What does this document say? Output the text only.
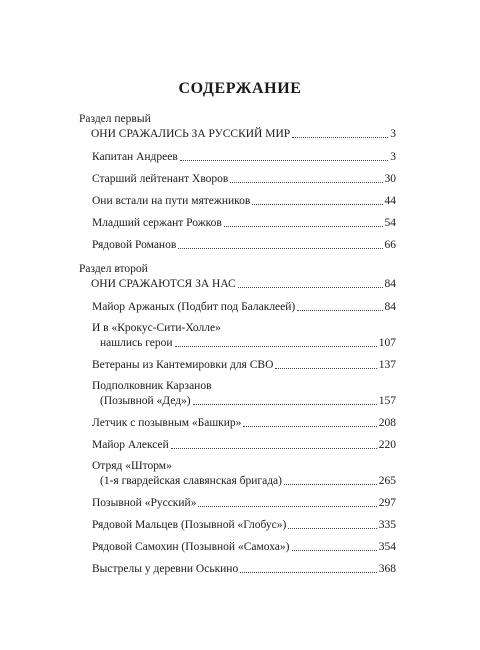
СОДЕРЖАНИЕ
Раздел первый
ОНИ СРАЖАЛИСЬ ЗА РУССКИЙ МИР	3
Капитан Андреев	3
Старший лейтенант Хворов	30
Они встали на пути мятежников	44
Младший сержант Рожков	54
Рядовой Романов	66
Раздел второй
ОНИ СРАЖАЮТСЯ ЗА НАС	84
Майор Аржаных (Подбит под Балаклеей)	84
И в «Крокус-Сити-Холле»
нашлись герои	107
Ветераны из Кантемировки для СВО	137
Подполковник Карзанов
(Позывной «Дед»)	157
Летчик с позывным «Башкир»	208
Майор Алексей	220
Отряд «Шторм»
(1-я гвардейская славянская бригада)	265
Позывной «Русский»	297
Рядовой Мальцев (Позывной «Глобус»)	335
Рядовой Самохин (Позывной «Самоха»)	354
Выстрелы у деревни Оськино	368
